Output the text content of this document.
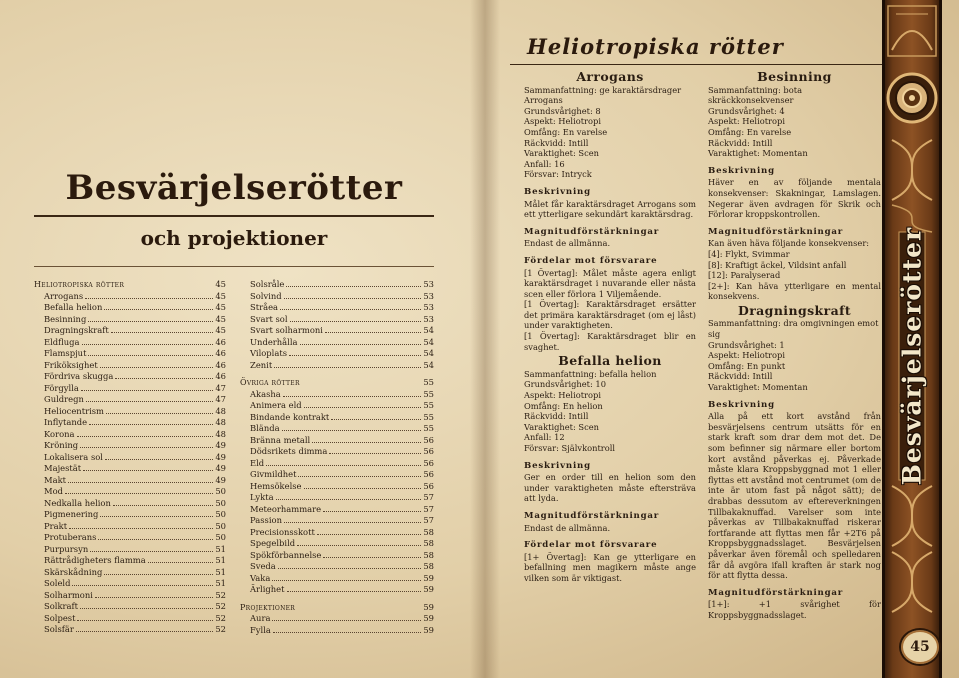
Besvärjelserötter
och projektioner
Heliotropiska rötter	45
Arrogans	45
Befalla helion	45
Besinning	45
Dragningskraft	45
Eldfluga	46
Flamspjut	46
Friköksighet	46
Fördriva skugga	46
Förgylla	47
Guldregn	47
Heliocentrism	48
Inflytande	48
Korona	48
Kröning	49
Lokalisera sol	49
Majestät	49
Makt	49
Mod	50
Nedkalla helion	50
Pigmenering	50
Prakt	50
Protuberans	50
Purpursyn	51
Rättrådigheters flamma	51
Skärskådning	51
Soleld	51
Solharmoni	52
Solkraft	52
Solpest	52
Solsfär	52
Solsråle	53
Solvind	53
Stråea	53
Svart sol	53
Svart solharmoni	54
Underhålla	54
Viloplats	54
Zenit	54
Övriga rötter	55
Akasha	55
Animera eld	55
Bindande kontrakt	55
Blända	55
Bränna metall	56
Dödsrikets dimma	56
Eld	56
Givmildhet	56
Hemsökelse	56
Lykta	57
Meteorhammare	57
Passion	57
Precisionsskott	58
Spegelbild	58
Spökförbannelse	58
Sveda	58
Vaka	59
Ärlighet	59
Projektioner	59
Aura	59
Fylla	59
Heliotropiska rötter
Arrogans
Sammanfattning: ge karaktärsdrager
Arrogans
Grundsvårighet: 8
Aspekt: Heliotropi
Omfång: En varelse
Räckvidd: Intill
Varaktighet: Scen
Anfall: 16
Försvar: Intryck
Beskrivning
Målet får karaktärsdraget Arrogans som ett ytterligare sekundärt karaktärsdrag.
Magnitudförstärkningar
Endast de allmänna.
Fördelar mot försvarare
[1 Övertag]: Målet måste agera enligt karaktärsdraget i nuvarande eller nästa scen eller förlora 1 Viljemående.
[1 Övertag]: Karaktärsdraget ersätter det primära karaktärsdraget (om ej låst) under varaktigheten.
[1 Övertag]: Karaktärsdraget blir en svaghet.
Befalla helion
Sammanfattning: befalla helion
Grundsvårighet: 10
Aspekt: Heliotropi
Omfång: En helion
Räckvidd: Intill
Varaktighet: Scen
Anfall: 12
Försvar: Självkontroll
Beskrivning
Ger en order till en helion som den under varaktigheten måste eftersträva att lyda.
Magnitudförstärkningar
Endast de allmänna.
Fördelar mot försvarare
[1+ Övertag]: Kan ge ytterligare en befallning men magikern måste ange vilken som är viktigast.
Besinning
Sammanfattning: bota skräckkonsekvenser
Grundsvårighet: 4
Aspekt: Heliotropi
Omfång: En varelse
Räckvidd: Intill
Varaktighet: Momentan
Beskrivning
Häver en av följande mentala konsekvenser: Skakningar, Lamslagen. Negerar även avdragen för Skrik och Förlorar kroppskontrollen.
Magnitudförstärkningar
Kan även häva följande konsekvenser:
[4]: Flykt, Svimmar
[8]: Kraftigt äckel, Vildsint anfall
[12]: Paralyserad
[2+]: Kan häva ytterligare en mental konsekvens.
Dragningskraft
Sammanfattning: dra omgivningen emot sig
Grundsvårighet: 1
Aspekt: Heliotropi
Omfång: En punkt
Räckvidd: Intill
Varaktighet: Momentan
Beskrivning
Alla på ett kort avstånd från besvärjelsens centrum utsätts för en stark kraft som drar dem mot det. De som befinner sig närmare eller bortom kort avstånd påverkas ej. Påverkade måste klara Kroppsbyggnad mot 1 eller flyttas ett avstånd mot centrumet (om de inte är utom fast på något sätt); de drabbas dessutom av eftereverkningen Tillbakaknuffad. Varelser som inte påverkas av Tillbakaknuffad riskerar fortfarande att flyttas men får +2T6 på Kroppsbyggnadsslaget. Besvärjelsen påverkar även föremål och spelledaren får då avgöra ifall kraften är stark nog för att flytta dessa.
Magnitudförstärkningar
[1+]: +1 svårighet för Kroppsbyggnadsslaget.
Besvärjelserötter
45
